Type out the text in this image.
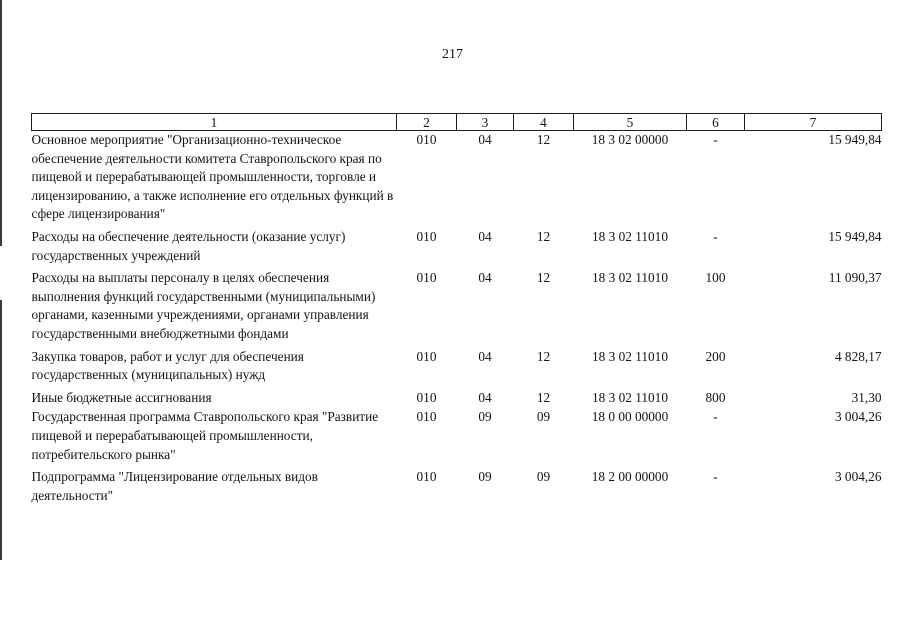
217
1	2	3	4	5	6	7
Основное мероприятие "Организационно-техническое обеспечение деятельности комитета Ставропольского края по пищевой и перерабатывающей промышленности, торговле и лицензированию, а также исполнение его отдельных функций в сфере лицензирования"	010	04	12	18 3 02 00000	-	15 949,84
Расходы на обеспечение деятельности (оказание услуг) государственных учреждений	010	04	12	18 3 02 11010	-	15 949,84
Расходы на выплаты персоналу в целях обеспечения выполнения функций государственными (муниципальными) органами, казенными учреждениями, органами управления государственными внебюджетными фондами	010	04	12	18 3 02 11010	100	11 090,37
Закупка товаров, работ и услуг для обеспечения государственных (муниципальных) нужд	010	04	12	18 3 02 11010	200	4 828,17
Иные бюджетные ассигнования	010	04	12	18 3 02 11010	800	31,30
Государственная программа Ставропольского края "Развитие пищевой и перерабатывающей промышленности, потребительского рынка"	010	09	09	18 0 00 00000	-	3 004,26
Подпрограмма "Лицензирование отдельных видов деятельности"	010	09	09	18 2 00 00000	-	3 004,26
